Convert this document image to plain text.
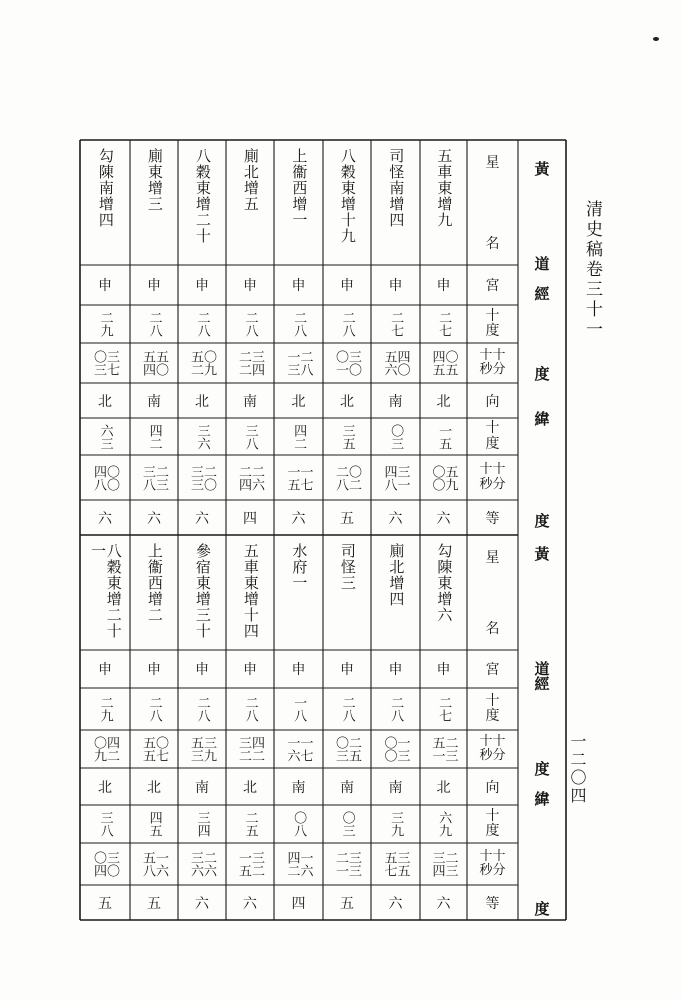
清史稿卷三十一
一二〇四
黃
道
經
度
緯
度
黃
道
經
度
緯
度
星
名
宮
十度
十十秒分
向
十度
十十秒分
等
五車東增九
申
二七
四五
〇五
北
一五
〇〇
五九
六
司怪南增四
申
二七
五六
四〇
南
〇三
四八
三一
六
八穀東增十九
申
二八
〇一
三〇
北
三五
二八
〇二
五
上衞西增一
申
二八
一三
二八
北
四二
一五
一七
六
廁北增五
申
二八
二二
三四
南
三八
二四
二六
四
八穀東增二十
申
二八
五二
〇九
北
三六
三三
二〇
六
廁東增三
申
二八
五四
五〇
南
四二
三八
二三
六
勾陳南增四
申
二九
〇三
三七
北
六三
四八
〇〇
六
星
名
宮
十度
十十秒分
向
十度
十十秒分
等
勾陳東增六
申
二七
五一
二三
北
六九
三四
二三
六
廁北增四
申
二八
〇〇
一三
南
三九
五七
三五
六
司怪三
申
二八
〇三
二五
南
〇三
二一
三三
五
水府一
申
一八
一六
一七
南
〇八
四二
一六
四
五車東增十四
申
二八
三二
四二
北
二五
一五
三二
六
參宿東增三十
申
二八
五三
三九
南
三四
三六
二六
六
上衞西增二
申
二八
五五
〇七
北
四五
五八
一六
五
八穀東增二十一
申
二九
〇九
四二
北
三八
〇四
三〇
五
